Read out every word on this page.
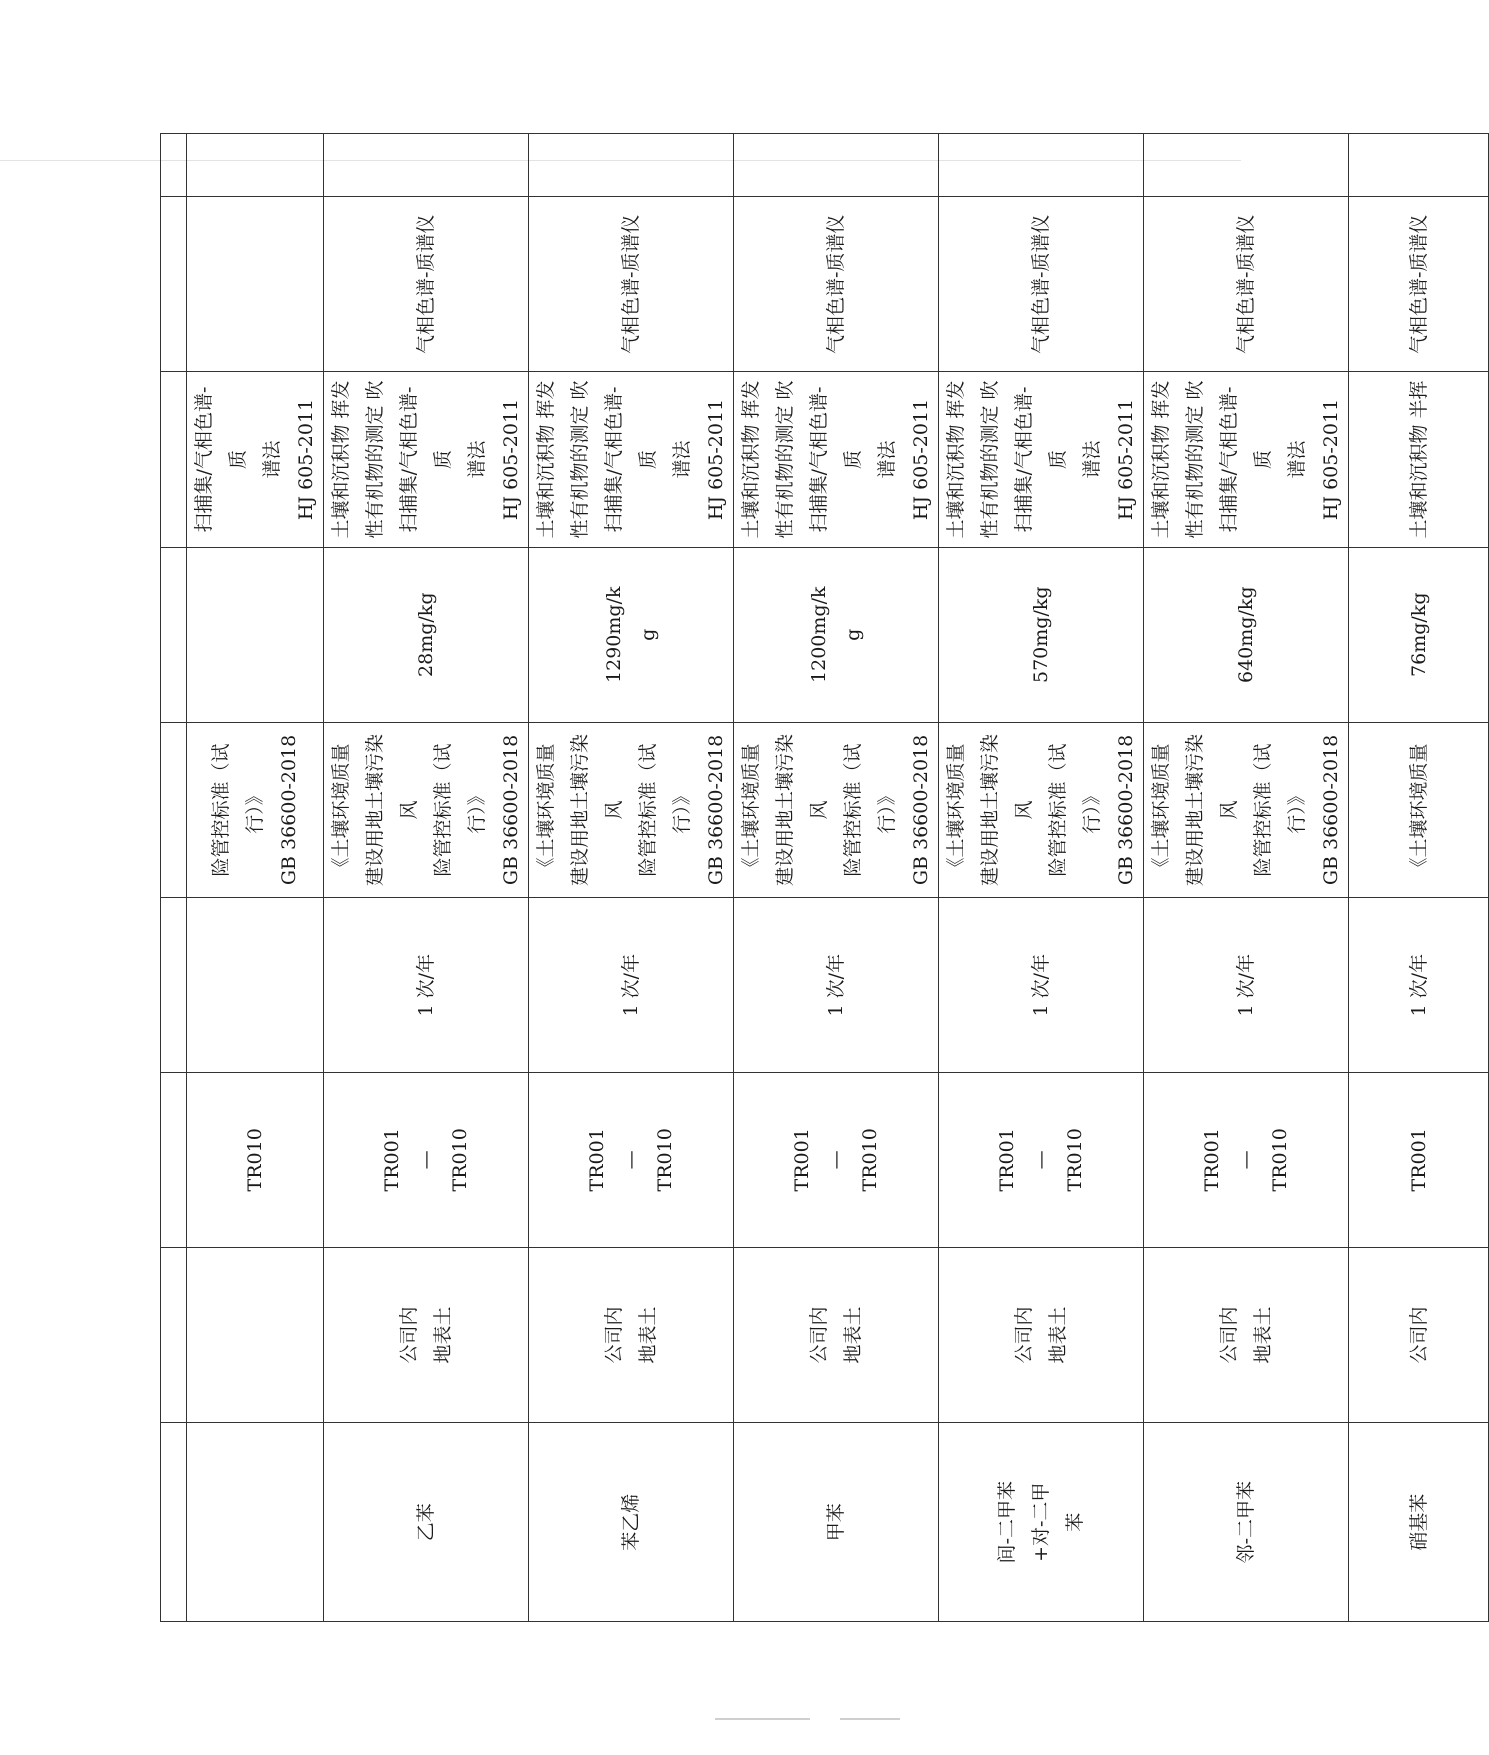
		TR010		险管控标准（试行）》 GB 36600-2018		扫捕集/气相色谱-质 谱法 HJ 605-2011		

乙苯	公司内 地表土	TR001 — TR010	1 次/年	《土壤环境质量 建设用地土壤污染风 险管控标准（试行）》 GB 36600-2018	28mg/kg	土壤和沉积物 挥发 性有机物的测定 吹 扫捕集/气相色谱-质 谱法 HJ 605-2011	气相色谱-质谱仪	

苯乙烯	公司内 地表土	TR001 — TR010	1 次/年	《土壤环境质量 建设用地土壤污染风 险管控标准（试行）》 GB 36600-2018	1290mg/k g	土壤和沉积物 挥发 性有机物的测定 吹 扫捕集/气相色谱-质 谱法 HJ 605-2011	气相色谱-质谱仪	

甲苯	公司内 地表土	TR001 — TR010	1 次/年	《土壤环境质量 建设用地土壤污染风 险管控标准（试行）》 GB 36600-2018	1200mg/k g	土壤和沉积物 挥发 性有机物的测定 吹 扫捕集/气相色谱-质 谱法 HJ 605-2011	气相色谱-质谱仪	

间-二甲苯 +对-二甲 苯	公司内 地表土	TR001 — TR010	1 次/年	《土壤环境质量 建设用地土壤污染风 险管控标准（试行）》 GB 36600-2018	570mg/kg	土壤和沉积物 挥发 性有机物的测定 吹 扫捕集/气相色谱-质 谱法 HJ 605-2011	气相色谱-质谱仪	

邻-二甲苯	公司内 地表土	TR001 — TR010	1 次/年	《土壤环境质量 建设用地土壤污染风 险管控标准（试行）》 GB 36600-2018	640mg/kg	土壤和沉积物 挥发 性有机物的测定 吹 扫捕集/气相色谱-质 谱法 HJ 605-2011	气相色谱-质谱仪	

硝基苯	公司内	TR001	1 次/年	《土壤环境质量	76mg/kg	土壤和沉积物 半挥	气相色谱-质谱仪	
